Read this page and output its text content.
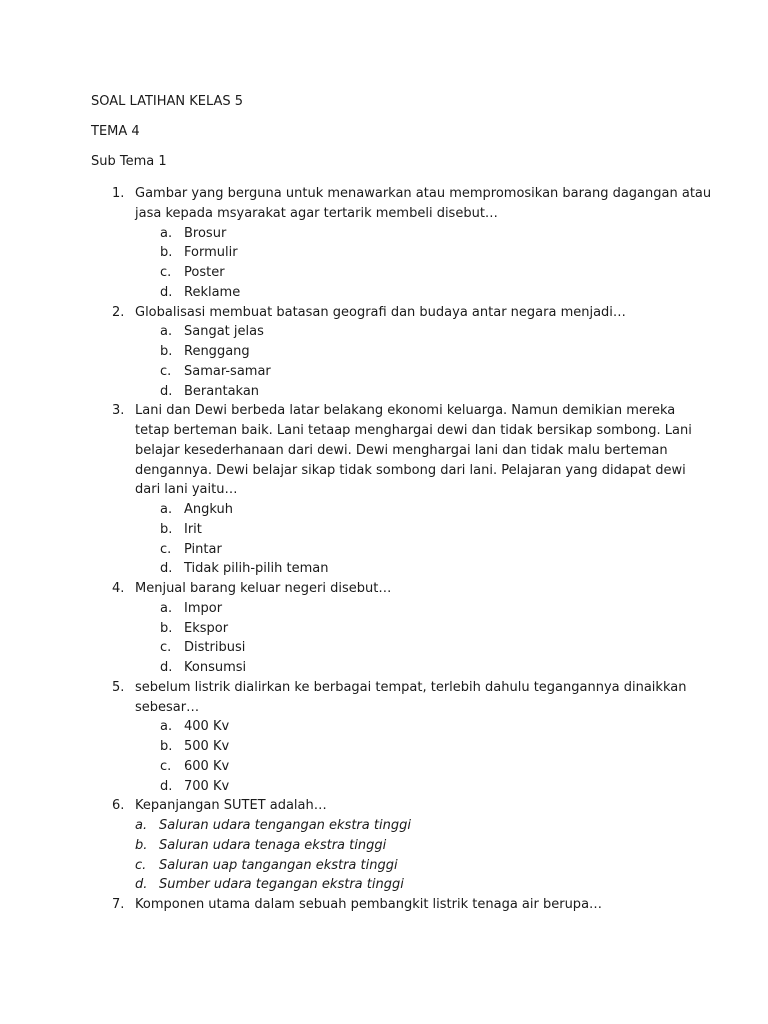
SOAL LATIHAN KELAS 5
TEMA 4
Sub Tema 1
1. Gambar yang berguna untuk menawarkan atau mempromosikan barang dagangan atau
jasa kepada msyarakat agar tertarik membeli disebut…
a. Brosur
b. Formulir
c. Poster
d. Reklame
2. Globalisasi membuat batasan geografi dan budaya antar negara menjadi…
a. Sangat jelas
b. Renggang
c. Samar-samar
d. Berantakan
3. Lani dan Dewi berbeda latar belakang ekonomi keluarga. Namun demikian mereka
tetap berteman baik. Lani tetaap menghargai dewi dan tidak bersikap sombong. Lani
belajar kesederhanaan dari dewi. Dewi menghargai lani dan tidak malu berteman
dengannya. Dewi belajar sikap tidak sombong dari lani. Pelajaran yang didapat dewi
dari lani yaitu…
a. Angkuh
b. Irit
c. Pintar
d. Tidak pilih-pilih teman
4. Menjual barang keluar negeri disebut…
a. Impor
b. Ekspor
c. Distribusi
d. Konsumsi
5. sebelum listrik dialirkan ke berbagai tempat, terlebih dahulu tegangannya dinaikkan
sebesar…
a. 400 Kv
b. 500 Kv
c. 600 Kv
d. 700 Kv
6. Kepanjangan SUTET adalah…
a. Saluran udara tengangan ekstra tinggi
b. Saluran udara tenaga ekstra tinggi
c. Saluran uap tangangan ekstra tinggi
d. Sumber udara tegangan ekstra tinggi
7. Komponen utama dalam sebuah pembangkit listrik tenaga air berupa…
